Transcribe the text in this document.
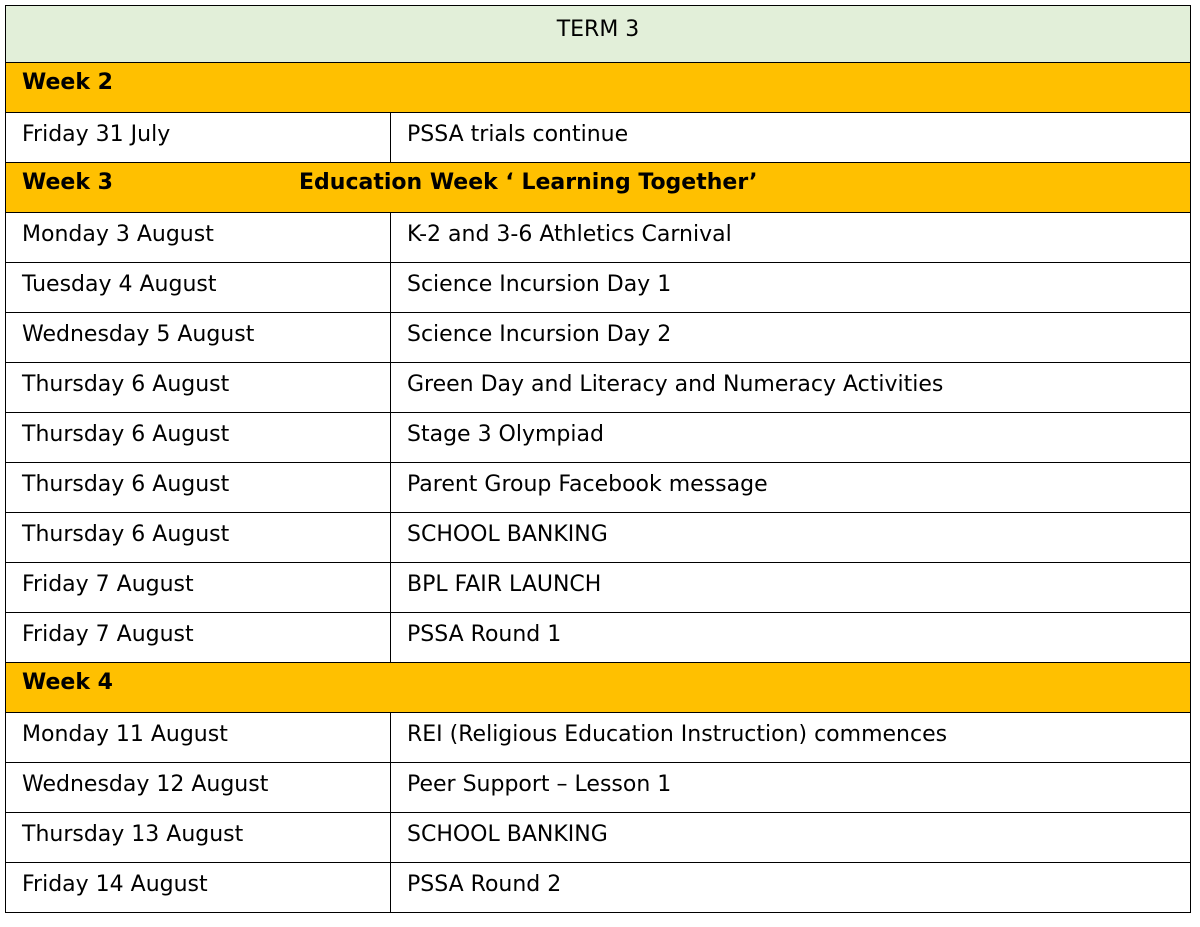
TERM 3	

Week 2	

Friday 31 July	PSSA trials continue

Week 3 Education Week ‘ Learning Together’	

Monday 3 August	K-2 and 3-6 Athletics Carnival
Tuesday 4 August	Science Incursion Day 1
Wednesday 5 August	Science Incursion Day 2
Thursday 6 August	Green Day and Literacy and Numeracy Activities
Thursday 6 August	Stage 3 Olympiad
Thursday 6 August	Parent Group Facebook message
Thursday 6 August	SCHOOL BANKING
Friday 7 August	BPL FAIR LAUNCH
Friday 7 August	PSSA Round 1

Week 4	

Monday 11 August	REI (Religious Education Instruction) commences
Wednesday 12 August	Peer Support – Lesson 1
Thursday 13 August	SCHOOL BANKING
Friday 14 August	PSSA Round 2
